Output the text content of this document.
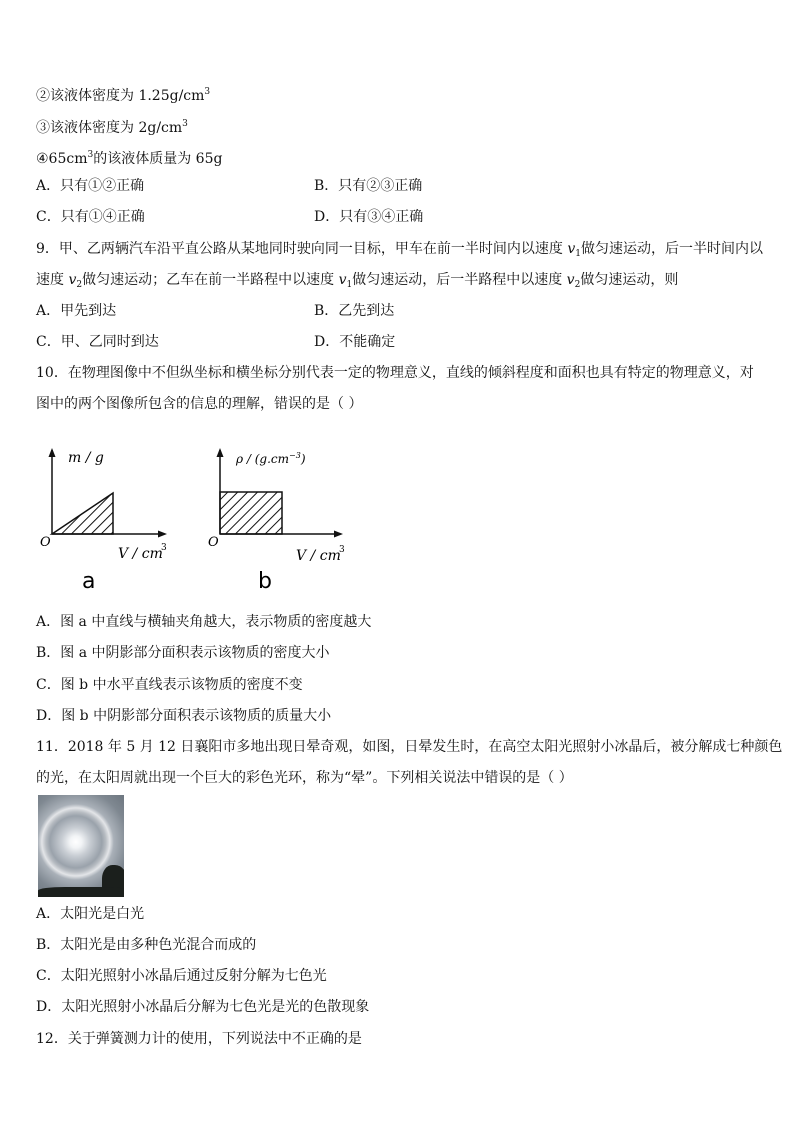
②该液体密度为 $1.25g/cm^3$
③该液体密度为 $2g/cm^3$
$④65cm^3$的该液体质量为 65g
A．只有①②正确	B．只有②③正确
C．只有①④正确	D．只有③④正确
9．甲、乙两辆汽车沿平直公路从某地同时驶向同一目标，甲车在前一半时间内以速度 $v_1$做匀速运动，后一半时间内以
速度 $v_2$做匀速运动；乙车在前一半路程中以速度 $v_1$做匀速运动，后一半路程中以速度 $v_2$做匀速运动，则
A．甲先到达	B．乙先到达
C．甲、乙同时到达	D．不能确定
10．在物理图像中不但纵坐标和横坐标分别代表一定的物理意义，直线的倾斜程度和面积也具有特定的物理意义，对
图中的两个图像所包含的信息的理解，错误的是（ ）
m / g
O
V / cm
3
a
ρ / $(g.cm^{-3})$
O
V / cm
3
b
A．图 a 中直线与横轴夹角越大，表示物质的密度越大
B．图 a 中阴影部分面积表示该物质的密度大小
C．图 b 中水平直线表示该物质的密度不变
D．图 b 中阴影部分面积表示该物质的质量大小
11．2018 年 5 月 12 日襄阳市多地出现日晕奇观，如图，日晕发生时，在高空太阳光照射小冰晶后，被分解成七种颜色
的光，在太阳周就出现一个巨大的彩色光环，称为“晕”。下列相关说法中错误的是（ ）
A．太阳光是白光
B．太阳光是由多种色光混合而成的
C．太阳光照射小冰晶后通过反射分解为七色光
D．太阳光照射小冰晶后分解为七色光是光的色散现象
12．关于弹簧测力计的使用，下列说法中不正确的是
